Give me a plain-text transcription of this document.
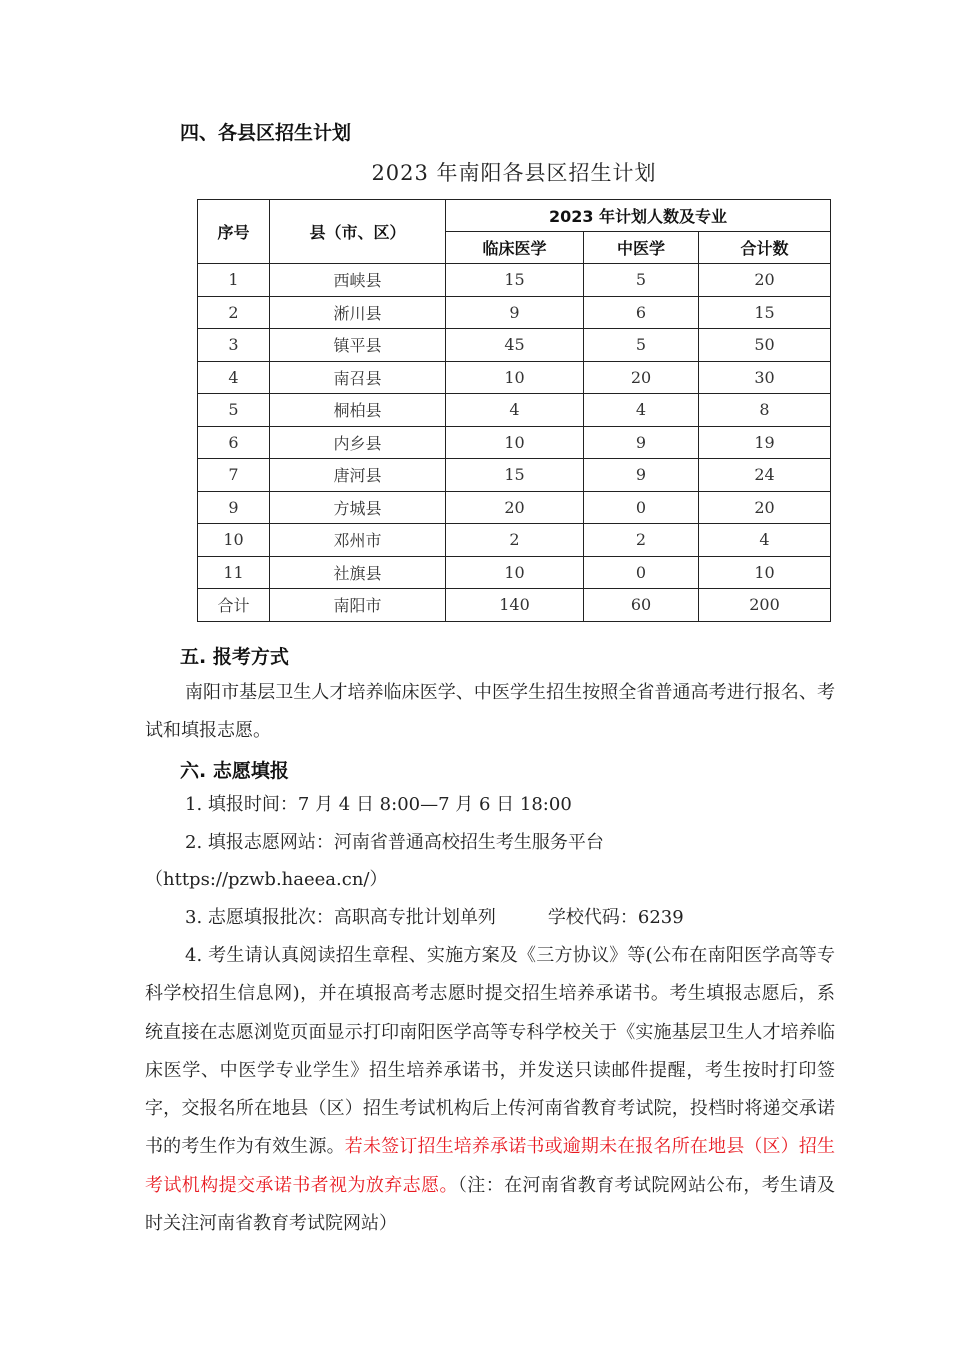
四、各县区招生计划
2023 年南阳各县区招生计划
序号	县（市、区）	2023 年计划人数及专业		
		临床医学	中医学	合计数
1	西峡县	15	5	20
2	淅川县	9	6	15
3	镇平县	45	5	50
4	南召县	10	20	30
5	桐柏县	4	4	8
6	内乡县	10	9	19
7	唐河县	15	9	24
9	方城县	20	0	20
10	邓州市	2	2	4
11	社旗县	10	0	10
合计	南阳市	140	60	200
五. 报考方式
南阳市基层卫生人才培养临床医学、中医学生招生按照全省普通高考进行报名、考试和填报志愿。
六. 志愿填报
1. 填报时间：7 月 4 日 8:00—7 月 6 日 18:00
2. 填报志愿网站：河南省普通高校招生考生服务平台
（https://pzwb.haeea.cn/）
3. 志愿填报批次：高职高专批计划单列	学校代码：6239
4. 考生请认真阅读招生章程、实施方案及《三方协议》等(公布在南阳医学高等专科学校招生信息网)，并在填报高考志愿时提交招生培养承诺书。考生填报志愿后，系统直接在志愿浏览页面显示打印南阳医学高等专科学校关于《实施基层卫生人才培养临床医学、中医学专业学生》招生培养承诺书，并发送只读邮件提醒，考生按时打印签字，交报名所在地县（区）招生考试机构后上传河南省教育考试院，投档时将递交承诺书的考生作为有效生源。若未签订招生培养承诺书或逾期未在报名所在地县（区）招生考试机构提交承诺书者视为放弃志愿。（注：在河南省教育考试院网站公布，考生请及时关注河南省教育考试院网站）
